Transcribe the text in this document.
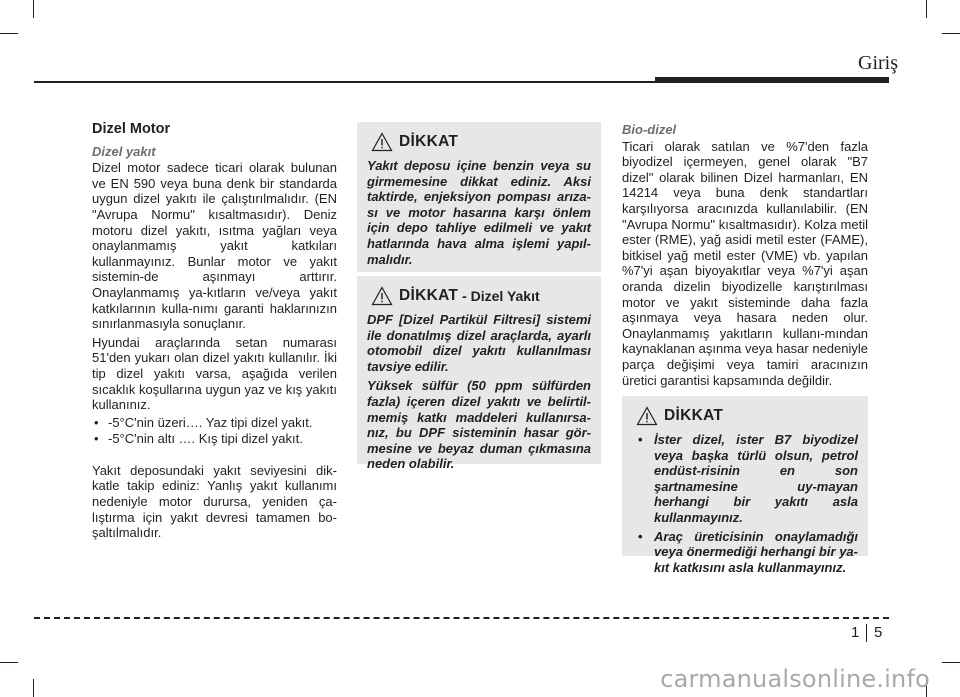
Giriş
Dizel Motor
Dizel yakıt

Dizel motor sadece ticari olarak bulunan ve EN 590 veya buna denk bir standarda uygun dizel yakıtı ile çalıştırılmalıdır. (EN "Avrupa Normu" kısaltmasıdır). Deniz motoru dizel yakıtı, ısıtma yağları veya onaylanmamış yakıt katkıları kullanmayınız. Bunlar motor ve yakıt sistemin-de aşınmayı arttırır. Onaylanmamış ya-kıtların ve/veya yakıt katkılarının kulla-nımı garanti haklarınızın sınırlanmasıyla sonuçlanır.

Hyundai araçlarında setan numarası 51'den yukarı olan dizel yakıtı kullanılır. İki tip dizel yakıtı varsa, aşağıda verilen sıcaklık koşullarına uygun yaz ve kış yakıtı kullanınız.

• -5°C'nin üzeri…. Yaz tipi dizel yakıt.
• -5°C'nin altı …. Kış tipi dizel yakıt.

Yakıt deposundaki yakıt seviyesini dik-katle takip ediniz: Yanlış yakıt kullanımı nedeniyle motor durursa, yeniden ça-lıştırma için yakıt devresi tamamen bo-şaltılmalıdır.

DİKKAT

Yakıt deposu içine benzin veya su girmemesine dikkat ediniz. Aksi taktirde, enjeksiyon pompası arıza-sı ve motor hasarına karşı önlem için depo tahliye edilmeli ve yakıt hatlarında hava alma işlemi yapıl-malıdır.

DİKKAT - Dizel Yakıt

DPF [Dizel Partikül Filtresi] sistemi ile donatılmış dizel araçlarda, ayarlı otomobil dizel yakıtı kullanılması tavsiye edilir.

Yüksek sülfür (50 ppm sülfürden fazla) içeren dizel yakıtı ve belirtil-memiş katkı maddeleri kullanırsa-nız, bu DPF sisteminin hasar gör-mesine ve beyaz duman çıkmasına neden olabilir.

Bio-dizel

Ticari olarak satılan ve %7'den fazla biyodizel içermeyen, genel olarak "B7 dizel" olarak bilinen Dizel harmanları, EN 14214 veya buna denk standartları karşılıyorsa aracınızda kullanılabilir. (EN "Avrupa Normu" kısaltmasıdır). Kolza metil ester (RME), yağ asidi metil ester (FAME), bitkisel yağ metil ester (VME) vb. yapılan %7'yi aşan biyoyakıtlar veya %7'yi aşan oranda dizelin biyodizelle karıştırılması motor ve yakıt sisteminde daha fazla aşınmaya veya hasara neden olur. Onaylanmamış yakıtların kullanı-mından kaynaklanan aşınma veya hasar nedeniyle parça değişimi veya tamiri aracınızın üretici garantisi kapsamında değildir.

DİKKAT
• İster dizel, ister B7 biyodizel veya başka türlü olsun, petrol endüst-risinin en son şartnamesine uy-mayan herhangi bir yakıtı asla kullanmayınız.
• Araç üreticisinin onaylamadığı veya önermediği herhangi bir ya-kıt katkısını asla kullanmayınız.
1 5
carmanualsonline.info
